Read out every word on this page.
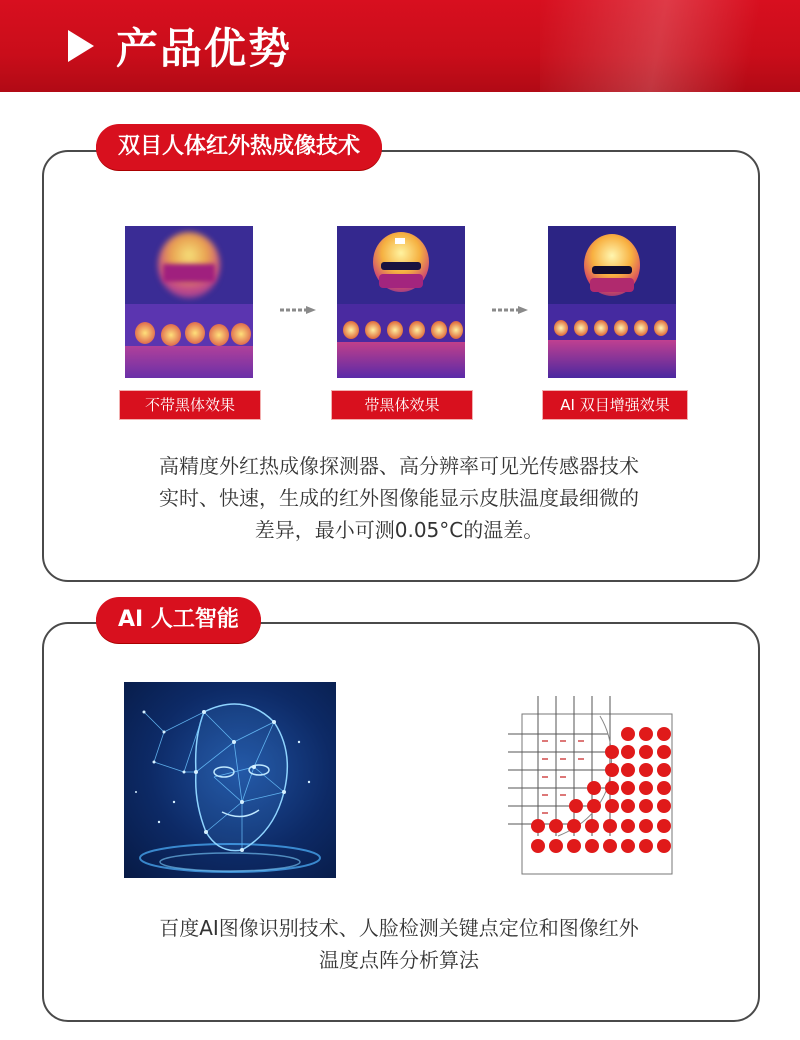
产品优势
双目人体红外热成像技术
不带黑体效果	带黑体效果	AI 双目增强效果
高精度外红热成像探测器、高分辨率可见光传感器技术
实时、快速，生成的红外图像能显示皮肤温度最细微的
差异，最小可测0.05°C的温差。
AI 人工智能
百度AI图像识别技术、人脸检测关键点定位和图像红外
温度点阵分析算法
